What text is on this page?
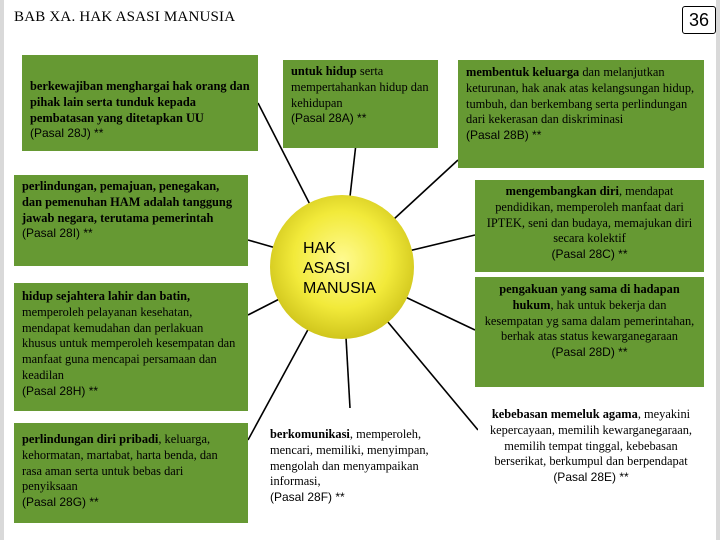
BAB XA. HAK ASASI MANUSIA	36
HAK
ASASI
MANUSIA
berkewajiban menghargai hak orang dan pihak lain serta tunduk kepada pembatasan yang ditetapkan UU
(Pasal 28J) **
untuk hidup serta mempertahankan hidup dan kehidupan
(Pasal 28A) **
membentuk keluarga dan melanjutkan keturunan, hak anak atas kelangsungan hidup, tumbuh, dan berkembang serta perlindungan dari kekerasan dan diskriminasi
(Pasal 28B) **
perlindungan, pemajuan, penegakan, dan pemenuhan HAM adalah tanggung jawab negara, terutama pemerintah
(Pasal 28I) **
mengembangkan diri, mendapat pendidikan, memperoleh manfaat dari IPTEK, seni dan budaya, memajukan diri secara kolektif
(Pasal 28C) **
hidup sejahtera lahir dan batin, memperoleh pelayanan kesehatan, mendapat kemudahan dan perlakuan khusus untuk memperoleh kesempatan dan manfaat guna mencapai persamaan dan keadilan
(Pasal 28H) **
pengakuan yang sama di hadapan hukum, hak untuk bekerja dan kesempatan yg sama dalam pemerintahan, berhak atas status kewarganegaraan
(Pasal 28D) **
perlindungan diri pribadi, keluarga, kehormatan, martabat, harta benda, dan rasa aman serta untuk bebas dari penyiksaan
(Pasal 28G) **
berkomunikasi, memperoleh, mencari, memiliki, menyimpan, mengolah dan menyampaikan informasi,
(Pasal 28F) **
kebebasan memeluk agama, meyakini kepercayaan, memilih kewarganegaraan, memilih tempat tinggal, kebebasan berserikat, berkumpul dan berpendapat
(Pasal 28E) **
